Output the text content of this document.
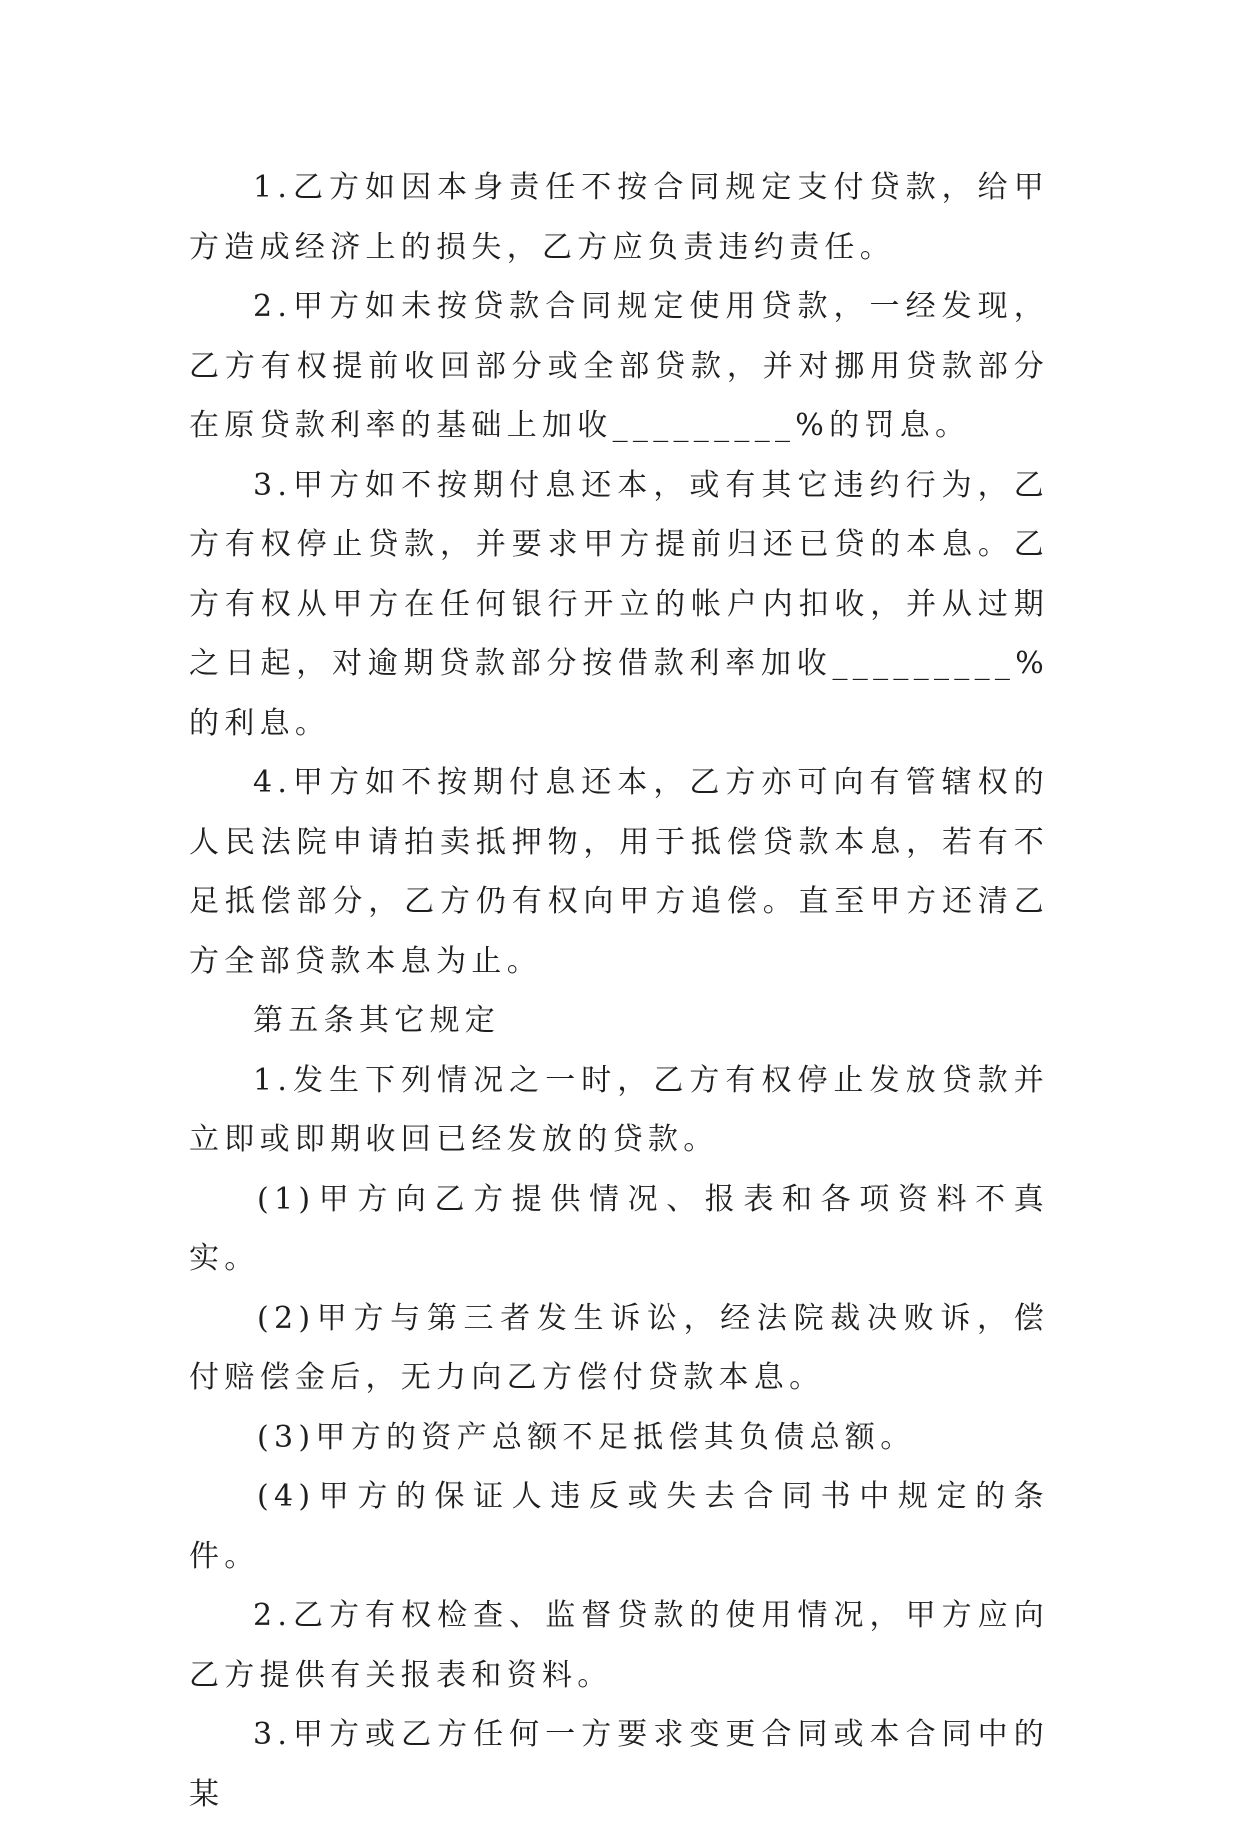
1.乙方如因本身责任不按合同规定支付贷款，给甲方造成经济上的损失，乙方应负责违约责任。

2.甲方如未按贷款合同规定使用贷款，一经发现，乙方有权提前收回部分或全部贷款，并对挪用贷款部分在原贷款利率的基础上加收_________%的罚息。

3.甲方如不按期付息还本，或有其它违约行为，乙方有权停止贷款，并要求甲方提前归还已贷的本息。乙方有权从甲方在任何银行开立的帐户内扣收，并从过期之日起，对逾期贷款部分按借款利率加收_________%的利息。

4.甲方如不按期付息还本，乙方亦可向有管辖权的人民法院申请拍卖抵押物，用于抵偿贷款本息，若有不足抵偿部分，乙方仍有权向甲方追偿。直至甲方还清乙方全部贷款本息为止。

第五条其它规定

1.发生下列情况之一时，乙方有权停止发放贷款并立即或即期收回已经发放的贷款。

(1)甲方向乙方提供情况、报表和各项资料不真实。

(2)甲方与第三者发生诉讼，经法院裁决败诉，偿付赔偿金后，无力向乙方偿付贷款本息。

(3)甲方的资产总额不足抵偿其负债总额。

(4)甲方的保证人违反或失去合同书中规定的条件。

2.乙方有权检查、监督贷款的使用情况，甲方应向乙方提供有关报表和资料。

3.甲方或乙方任何一方要求变更合同或本合同中的某
